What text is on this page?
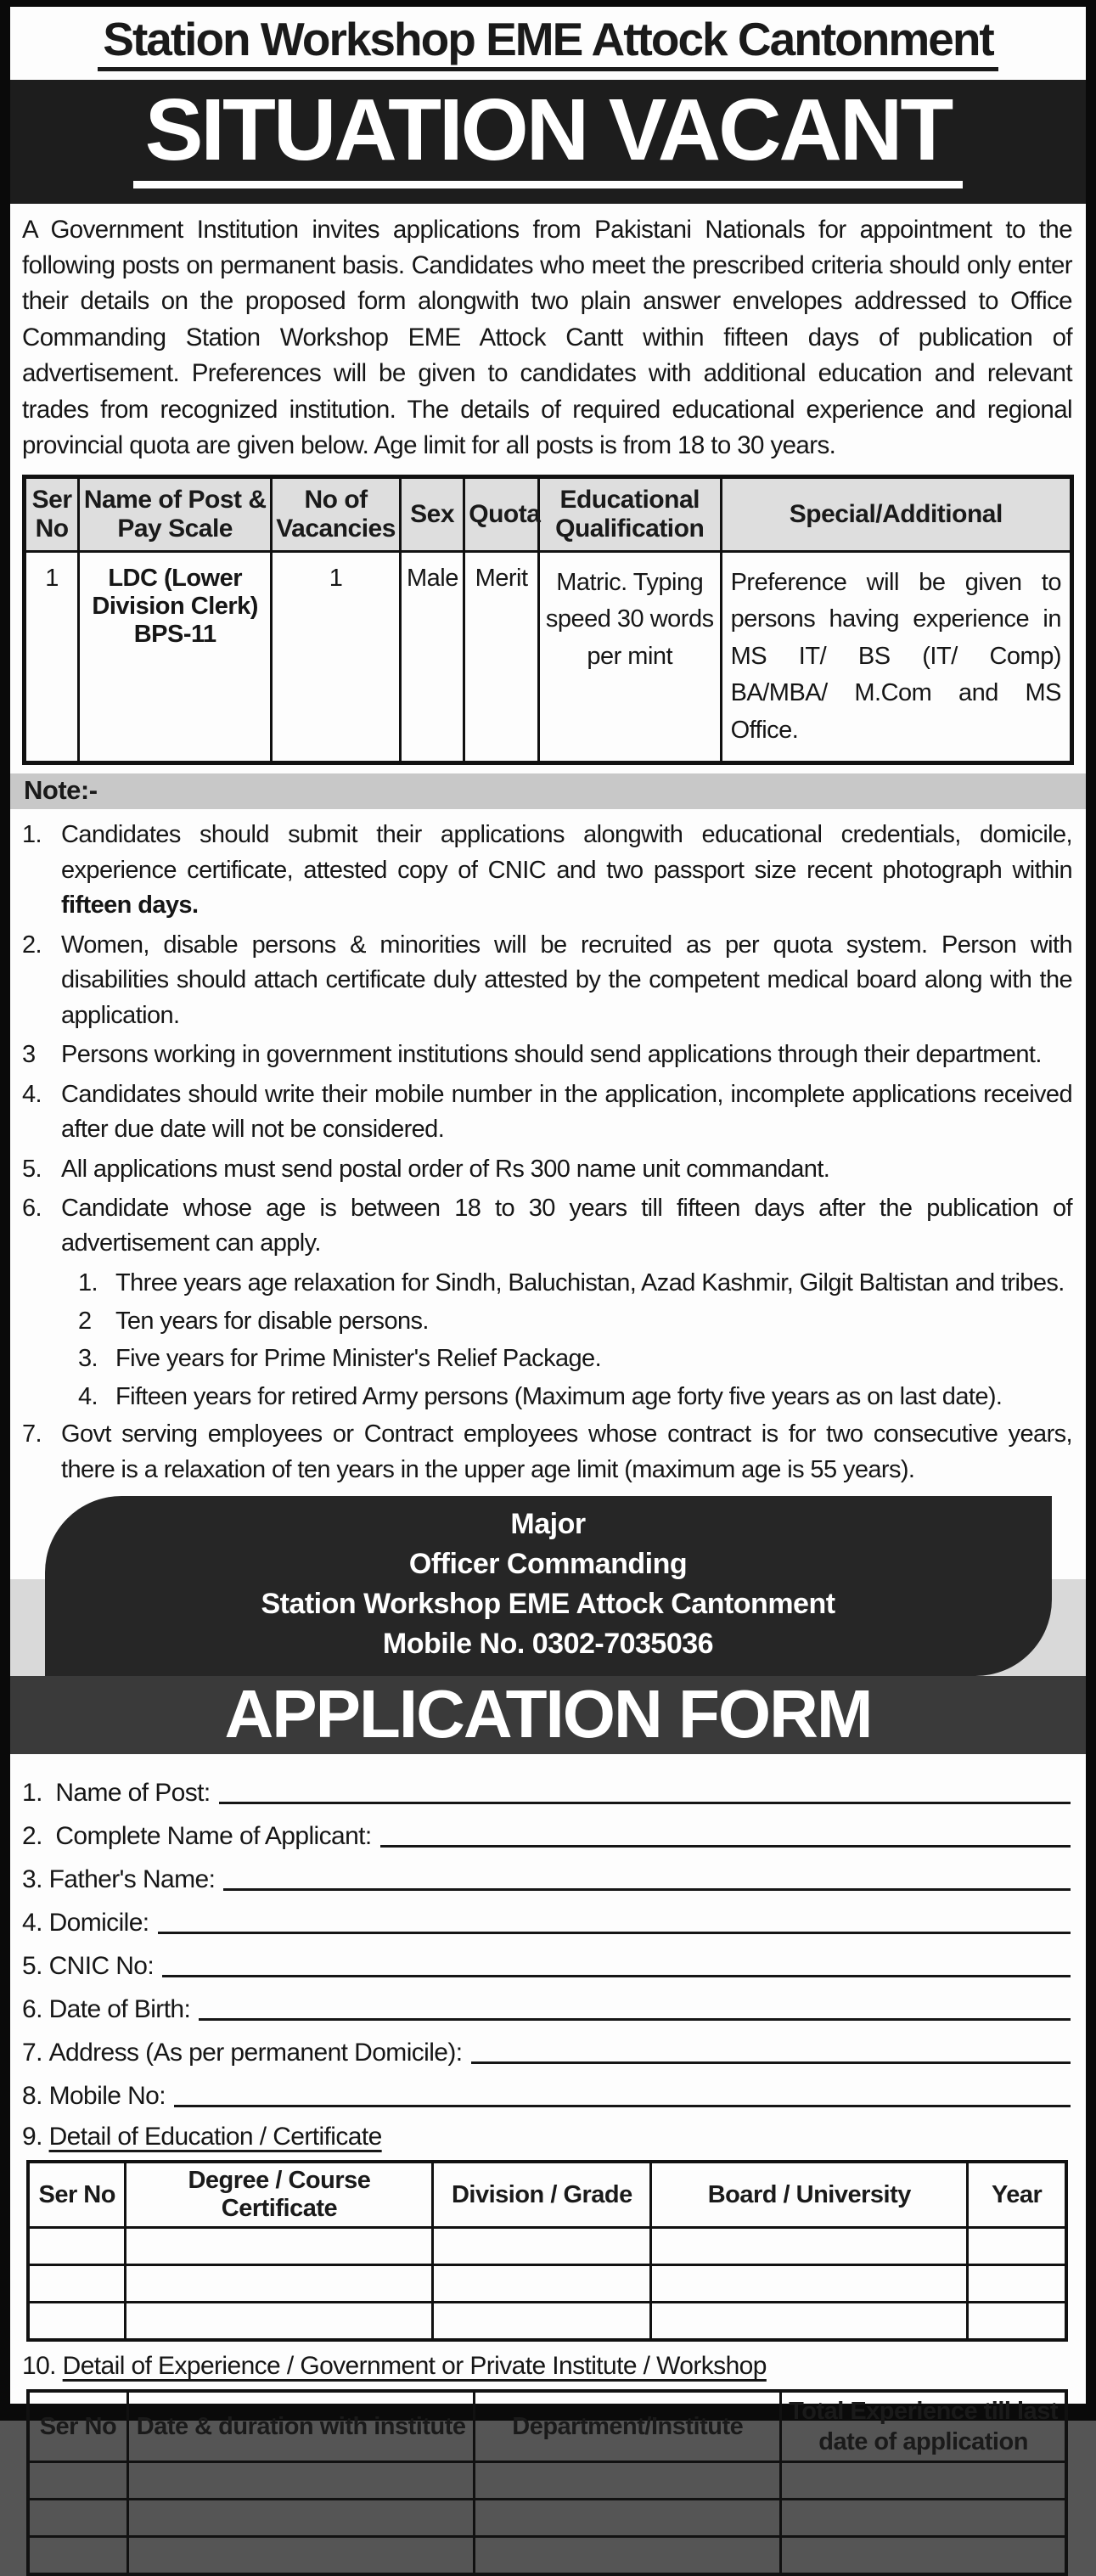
Station Workshop EME Attock Cantonment
SITUATION VACANT
A Government Institution invites applications from Pakistani Nationals for appointment to the following posts on permanent basis. Candidates who meet the prescribed criteria should only enter their details on the proposed form alongwith two plain answer envelopes addressed to Office Commanding Station Workshop EME Attock Cantt within fifteen days of publication of advertisement. Preferences will be given to candidates with additional education and relevant trades from recognized institution. The details of required educational experience and regional provincial quota are given below. Age limit for all posts is from 18 to 30 years.
Ser No	Name of Post & Pay Scale	No of Vacancies	Sex	Quota	Educational Qualification	Special/Additional
1	LDC (Lower Division Clerk) BPS-11	1	Male	Merit	Matric. Typing speed 30 words per mint	Preference will be given to persons having experience in MS IT/ BS (IT/ Comp) BA/MBA/ M.Com and MS Office.
Note:-
1. Candidates should submit their applications alongwith educational credentials, domicile, experience certificate, attested copy of CNIC and two passport size recent photograph within fifteen days.
2. Women, disable persons & minorities will be recruited as per quota system. Person with disabilities should attach certificate duly attested by the competent medical board along with the application.
3	Persons working in government institutions should send applications through their department.
4. Candidates should write their mobile number in the application, incomplete applications received after due date will not be considered.
5. All applications must send postal order of Rs 300 name unit commandant.
6. Candidate whose age is between 18 to 30 years till fifteen days after the publication of advertisement can apply.
1. Three years age relaxation for Sindh, Baluchistan, Azad Kashmir, Gilgit Baltistan and tribes.
2 Ten years for disable persons.
3. Five years for Prime Minister's Relief Package.
4. Fifteen years for retired Army persons (Maximum age forty five years as on last date).
7. Govt serving employees or Contract employees whose contract is for two consecutive years, there is a relaxation of ten years in the upper age limit (maximum age is 55 years).
Major
Officer Commanding
Station Workshop EME Attock Cantonment
Mobile No. 0302-7035036
APPLICATION FORM
1. Name of Post:
2. Complete Name of Applicant:
3. Father's Name:
4. Domicile:
5. CNIC No:
6. Date of Birth:
7. Address (As per permanent Domicile):
8. Mobile No:
9. Detail of Education / Certificate
Ser No	Degree / Course Certificate	Division / Grade	Board / University	Year

10. Detail of Experience / Government or Private Institute / Workshop
Ser No	Date & duration with institute	Department/Institute	Total Experience till last date of application
